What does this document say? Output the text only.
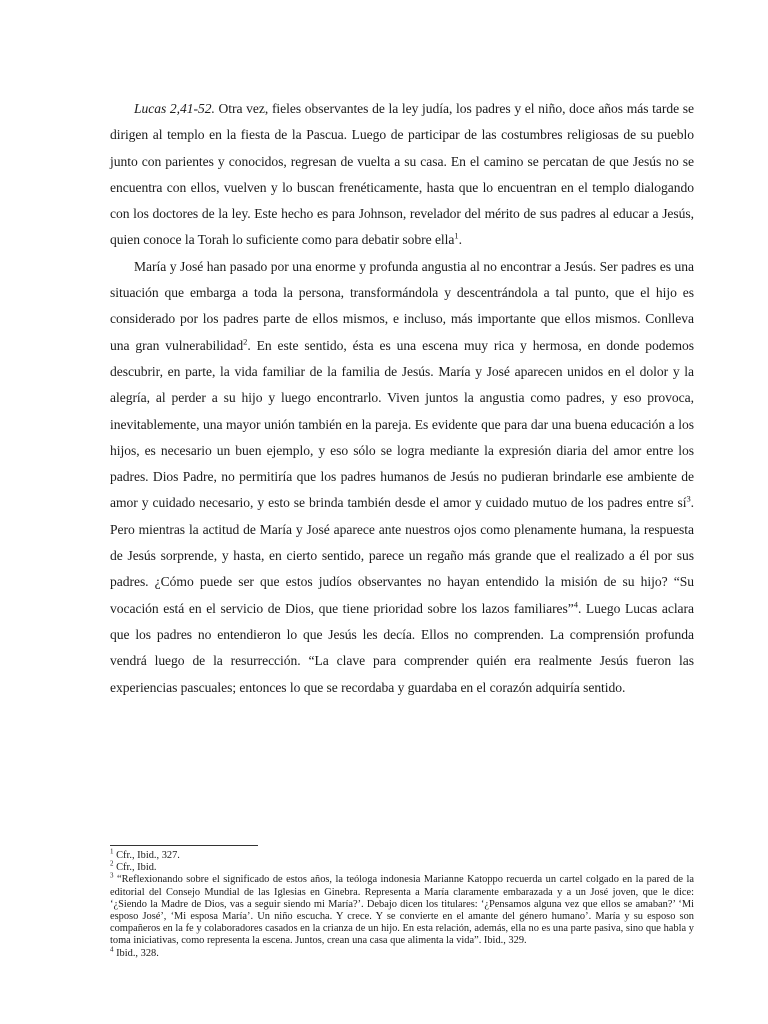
Lucas 2,41-52. Otra vez, fieles observantes de la ley judía, los padres y el niño, doce años más tarde se dirigen al templo en la fiesta de la Pascua. Luego de participar de las costumbres religiosas de su pueblo junto con parientes y conocidos, regresan de vuelta a su casa. En el camino se percatan de que Jesús no se encuentra con ellos, vuelven y lo buscan frenéticamente, hasta que lo encuentran en el templo dialogando con los doctores de la ley. Este hecho es para Johnson, revelador del mérito de sus padres al educar a Jesús, quien conoce la Torah lo suficiente como para debatir sobre ella$^1$.

María y José han pasado por una enorme y profunda angustia al no encontrar a Jesús. Ser padres es una situación que embarga a toda la persona, transformándola y descentrándola a tal punto, que el hijo es considerado por los padres parte de ellos mismos, e incluso, más importante que ellos mismos. Conlleva una gran vulnerabilidad$^2$. En este sentido, ésta es una escena muy rica y hermosa, en donde podemos descubrir, en parte, la vida familiar de la familia de Jesús. María y José aparecen unidos en el dolor y la alegría, al perder a su hijo y luego encontrarlo. Viven juntos la angustia como padres, y eso provoca, inevitablemente, una mayor unión también en la pareja. Es evidente que para dar una buena educación a los hijos, es necesario un buen ejemplo, y eso sólo se logra mediante la expresión diaria del amor entre los padres. Dios Padre, no permitiría que los padres humanos de Jesús no pudieran brindarle ese ambiente de amor y cuidado necesario, y esto se brinda también desde el amor y cuidado mutuo de los padres entre sí$^3$. Pero mientras la actitud de María y José aparece ante nuestros ojos como plenamente humana, la respuesta de Jesús sorprende, y hasta, en cierto sentido, parece un regaño más grande que el realizado a él por sus padres. ¿Cómo puede ser que estos judíos observantes no hayan entendido la misión de su hijo? “Su vocación está en el servicio de Dios, que tiene prioridad sobre los lazos familiares”$^4$. Luego Lucas aclara que los padres no entendieron lo que Jesús les decía. Ellos no comprenden. La comprensión profunda vendrá luego de la resurrección. “La clave para comprender quién era realmente Jesús fueron las experiencias pascuales; entonces lo que se recordaba y guardaba en el corazón adquiría sentido.

$^1$ Cfr., Ibid., 327.
$^2$ Cfr., Ibid.
$^3$ “Reflexionando sobre el significado de estos años, la teóloga indonesia Marianne Katoppo recuerda un cartel colgado en la pared de la editorial del Consejo Mundial de las Iglesias en Ginebra. Representa a María claramente embarazada y a un José joven, que le dice: ‘¿Siendo la Madre de Dios, vas a seguir siendo mi María?’. Debajo dicen los titulares: ‘¿Pensamos alguna vez que ellos se amaban?’ ‘Mi esposo José’, ‘Mi esposa María’. Un niño escucha. Y crece. Y se convierte en el amante del género humano’. María y su esposo son compañeros en la fe y colaboradores casados en la crianza de un hijo. En esta relación, además, ella no es una parte pasiva, sino que habla y toma iniciativas, como representa la escena. Juntos, crean una casa que alimenta la vida”. Ibid., 329.
$^4$ Ibid., 328.
